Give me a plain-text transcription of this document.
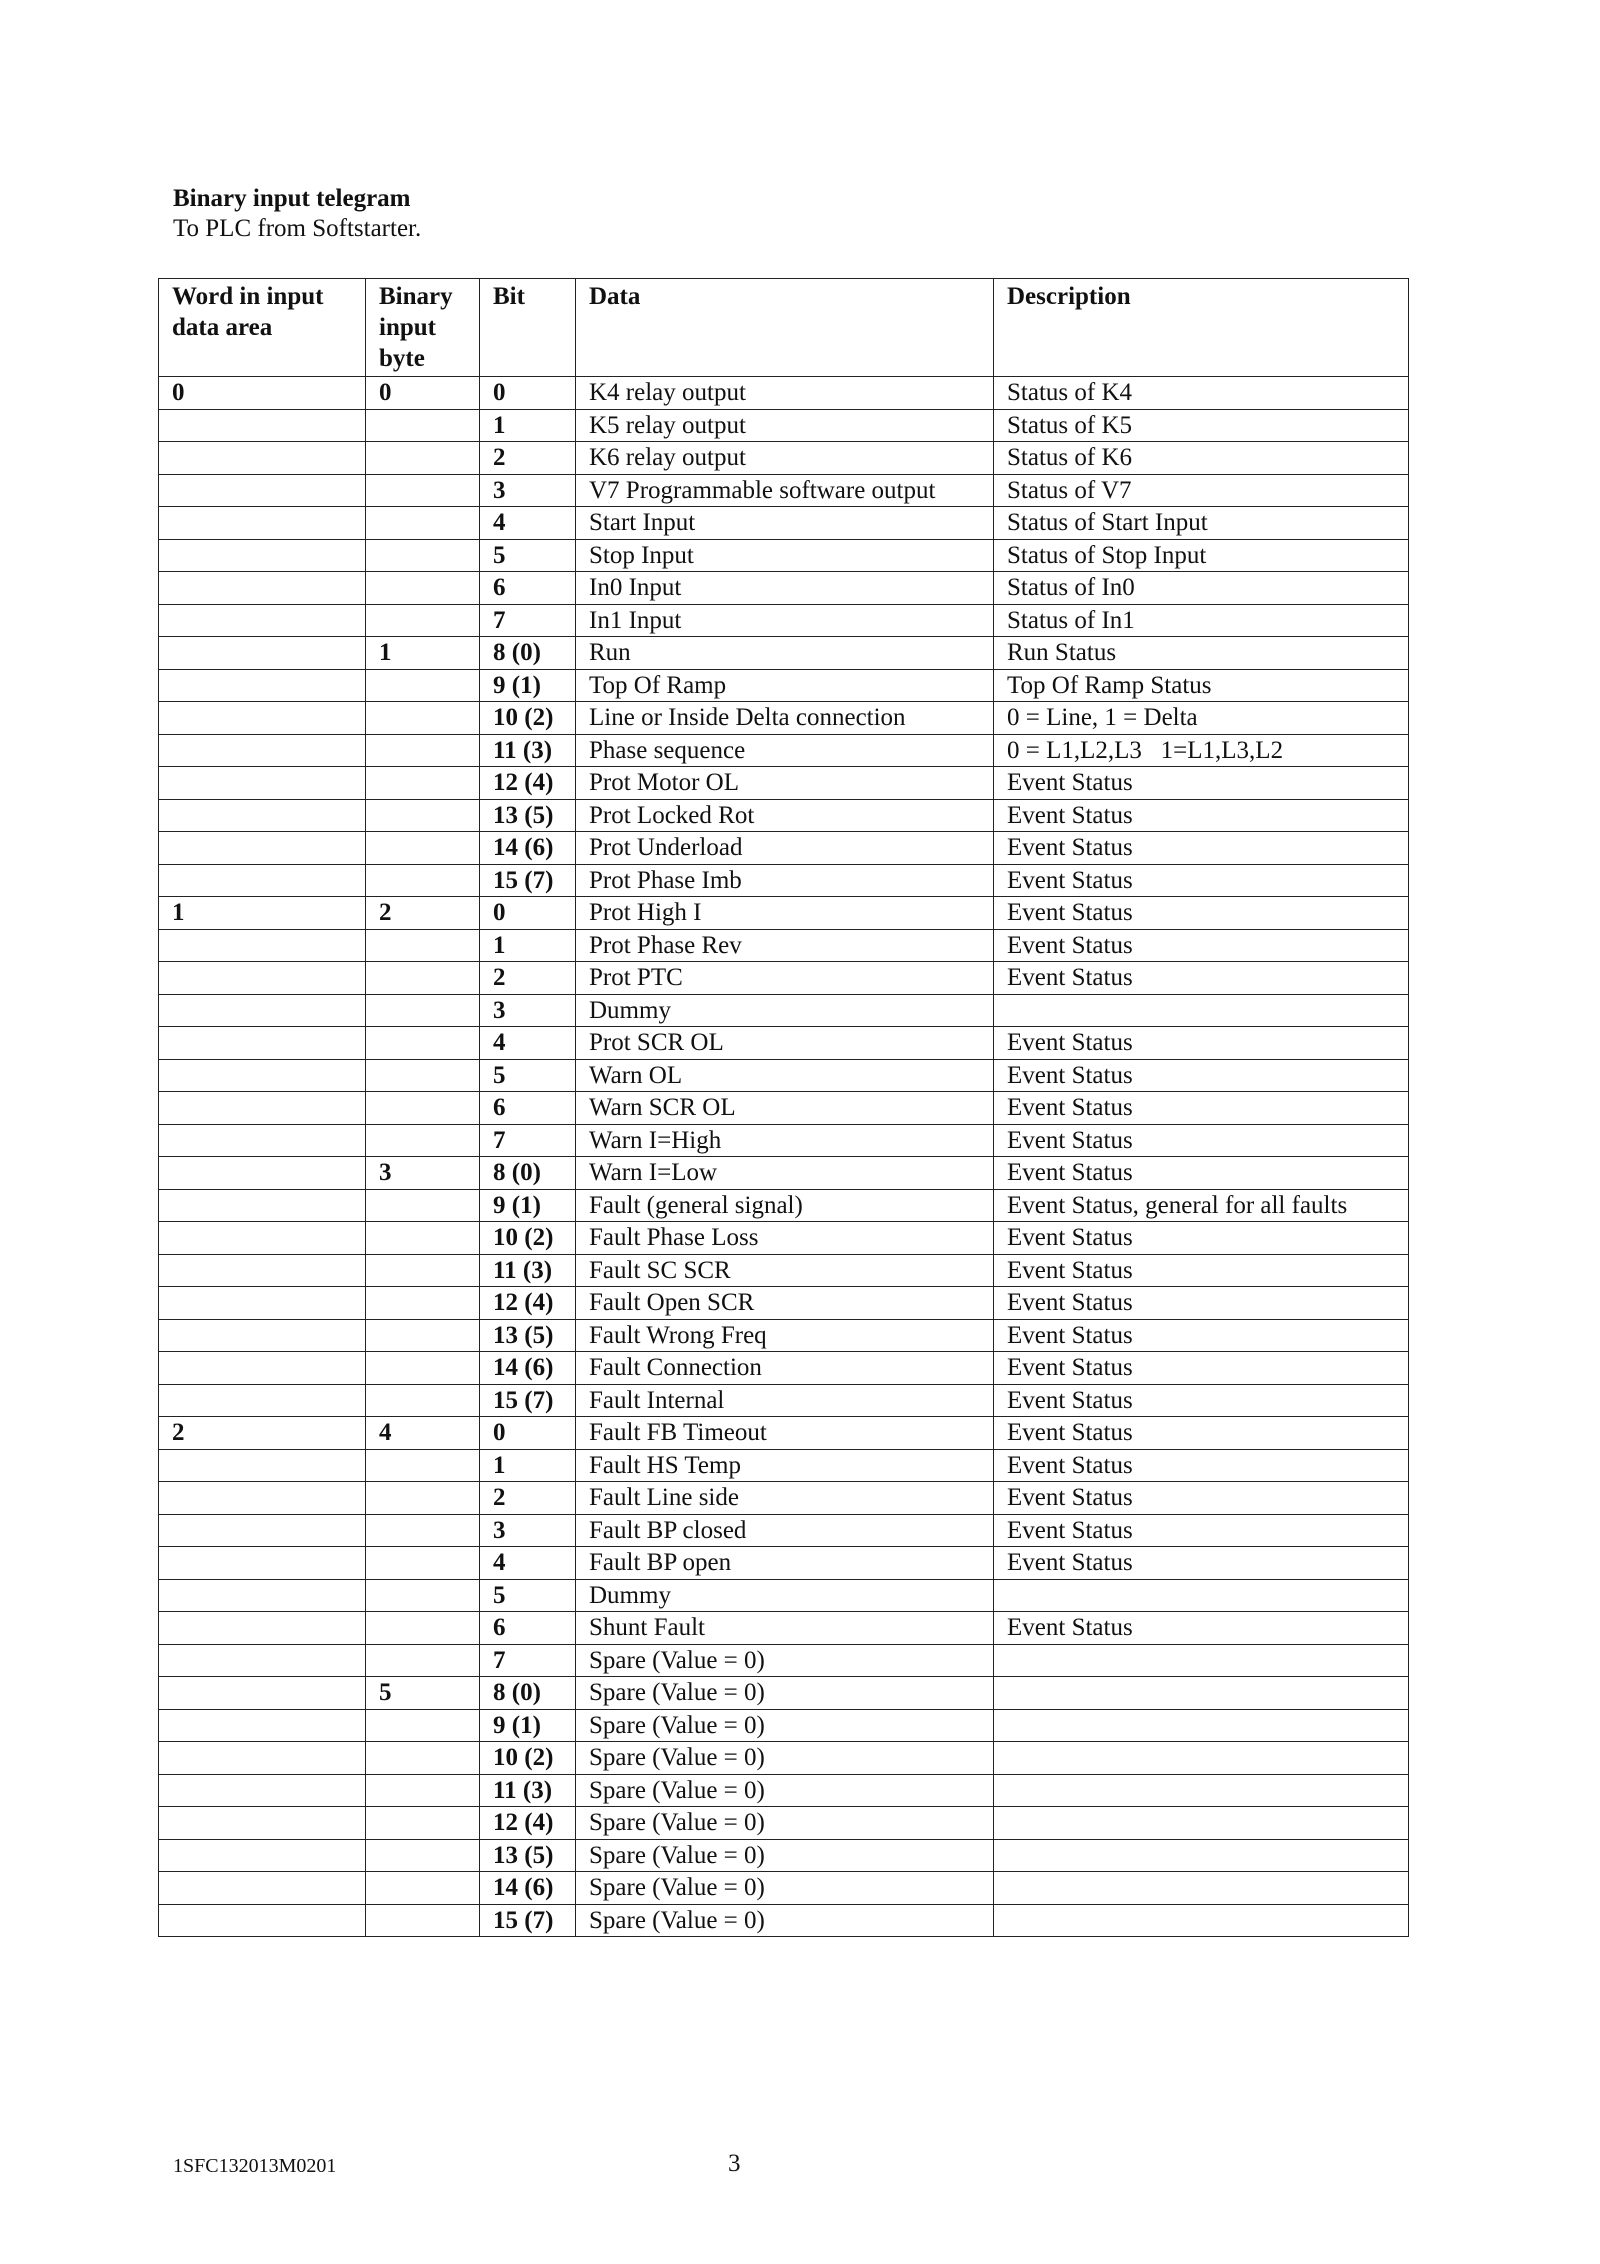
Binary input telegram
To PLC from Softstarter.
Word in input data area	Binary input byte	Bit	Data	Description
0	0	0	K4 relay output	Status of K4
		1	K5 relay output	Status of K5
		2	K6 relay output	Status of K6
		3	V7 Programmable software output	Status of V7
		4	Start Input	Status of Start Input
		5	Stop Input	Status of Stop Input
		6	In0 Input	Status of In0
		7	In1 Input	Status of In1
	1	8 (0)	Run	Run Status
		9 (1)	Top Of Ramp	Top Of Ramp Status
		10 (2)	Line or Inside Delta connection	0 = Line, 1 = Delta
		11 (3)	Phase sequence	0 = L1,L2,L3   1=L1,L3,L2
		12 (4)	Prot Motor OL	Event Status
		13 (5)	Prot Locked Rot	Event Status
		14 (6)	Prot Underload	Event Status
		15 (7)	Prot Phase Imb	Event Status
1	2	0	Prot High I	Event Status
		1	Prot Phase Rev	Event Status
		2	Prot PTC	Event Status
		3	Dummy	
		4	Prot SCR OL	Event Status
		5	Warn OL	Event Status
		6	Warn SCR OL	Event Status
		7	Warn I=High	Event Status
	3	8 (0)	Warn I=Low	Event Status
		9 (1)	Fault (general signal)	Event Status, general for all faults
		10 (2)	Fault Phase Loss	Event Status
		11 (3)	Fault SC SCR	Event Status
		12 (4)	Fault Open SCR	Event Status
		13 (5)	Fault Wrong Freq	Event Status
		14 (6)	Fault Connection	Event Status
		15 (7)	Fault Internal	Event Status
2	4	0	Fault FB Timeout	Event Status
		1	Fault HS Temp	Event Status
		2	Fault Line side	Event Status
		3	Fault BP closed	Event Status
		4	Fault BP open	Event Status
		5	Dummy	
		6	Shunt Fault	Event Status
		7	Spare (Value = 0)	
	5	8 (0)	Spare (Value = 0)	
		9 (1)	Spare (Value = 0)	
		10 (2)	Spare (Value = 0)	
		11 (3)	Spare (Value = 0)	
		12 (4)	Spare (Value = 0)	
		13 (5)	Spare (Value = 0)	
		14 (6)	Spare (Value = 0)	
		15 (7)	Spare (Value = 0)	
1SFC132013M0201	3
